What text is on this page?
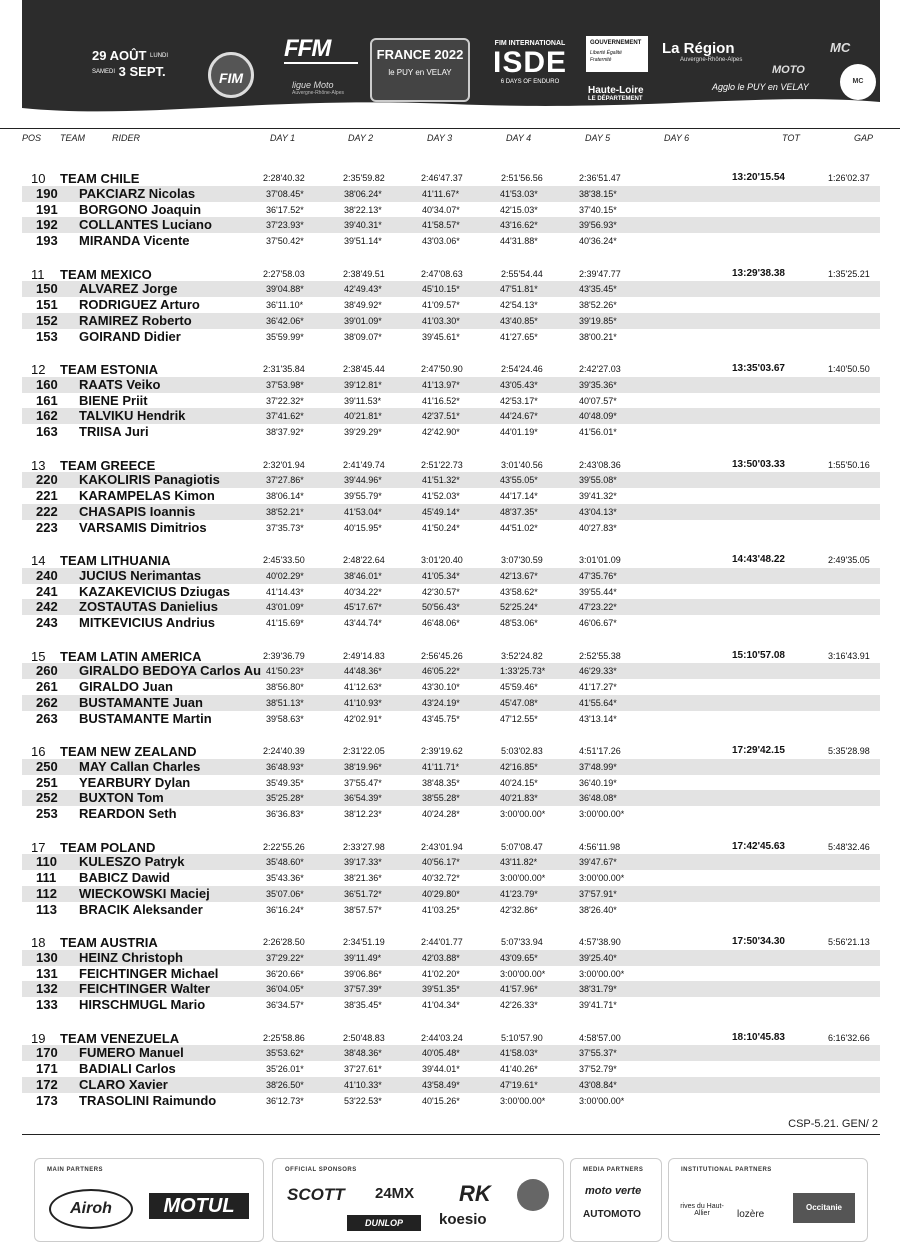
29 AOÛT LUNDI
SAMEDI 3 SEPT.	FIM
FFM
ligue Moto
Auvergne-Rhône-Alpes
FRANCE 2022
le PUY en VELAY
FIM INTERNATIONAL
ISDE
6 DAYS OF ENDURO
GOUVERNEMENT
Liberté Égalité Fraternité
La Région
Auvergne-Rhône-Alpes
Haute-Loire
LE DÉPARTEMENT
Agglo le PUY en VELAY
MC
MOTO
MC
POS TEAM	RIDER	DAY 1	DAY 2	DAY 3	DAY 4	DAY 5	DAY 6	TOT	GAP
10 TEAM CHILE	2:28'40.32	2:35'59.82	2:46'47.37	2:51'56.56	2:36'51.47	13:20'15.54	1:26'02.37
190 PAKCIARZ Nicolas	37'08.45*	38'06.24*	41'11.67*	41'53.03*	38'38.15*
191 BORGONO Joaquin	36'17.52*	38'22.13*	40'34.07*	42'15.03*	37'40.15*
192 COLLANTES Luciano	37'23.93*	39'40.31*	41'58.57*	43'16.62*	39'56.93*
193 MIRANDA Vicente	37'50.42*	39'51.14*	43'03.06*	44'31.88*	40'36.24*
11 TEAM MEXICO	2:27'58.03	2:38'49.51	2:47'08.63	2:55'54.44	2:39'47.77	13:29'38.38	1:35'25.21
150 ALVAREZ Jorge	39'04.88*	42'49.43*	45'10.15*	47'51.81*	43'35.45*
151 RODRIGUEZ Arturo	36'11.10*	38'49.92*	41'09.57*	42'54.13*	38'52.26*
152 RAMIREZ Roberto	36'42.06*	39'01.09*	41'03.30*	43'40.85*	39'19.85*
153 GOIRAND Didier	35'59.99*	38'09.07*	39'45.61*	41'27.65*	38'00.21*
12 TEAM ESTONIA	2:31'35.84	2:38'45.44	2:47'50.90	2:54'24.46	2:42'27.03	13:35'03.67	1:40'50.50
160 RAATS Veiko	37'53.98*	39'12.81*	41'13.97*	43'05.43*	39'35.36*
161 BIENE Priit	37'22.32*	39'11.53*	41'16.52*	42'53.17*	40'07.57*
162 TALVIKU Hendrik	37'41.62*	40'21.81*	42'37.51*	44'24.67*	40'48.09*
163 TRIISA Juri	38'37.92*	39'29.29*	42'42.90*	44'01.19*	41'56.01*
13 TEAM GREECE	2:32'01.94	2:41'49.74	2:51'22.73	3:01'40.56	2:43'08.36	13:50'03.33	1:55'50.16
220 KAKOLIRIS Panagiotis	37'27.86*	39'44.96*	41'51.32*	43'55.05*	39'55.08*
221 KARAMPELAS Kimon	38'06.14*	39'55.79*	41'52.03*	44'17.14*	39'41.32*
222 CHASAPIS Ioannis	38'52.21*	41'53.04*	45'49.14*	48'37.35*	43'04.13*
223 VARSAMIS Dimitrios	37'35.73*	40'15.95*	41'50.24*	44'51.02*	40'27.83*
14 TEAM LITHUANIA	2:45'33.50	2:48'22.64	3:01'20.40	3:07'30.59	3:01'01.09	14:43'48.22	2:49'35.05
240 JUCIUS Nerimantas	40'02.29*	38'46.01*	41'05.34*	42'13.67*	47'35.76*
241 KAZAKEVICIUS Dziugas	41'14.43*	40'34.22*	42'30.57*	43'58.62*	39'55.44*
242 ZOSTAUTAS Danielius	43'01.09*	45'17.67*	50'56.43*	52'25.24*	47'23.22*
243 MITKEVICIUS Andrius	41'15.69*	43'44.74*	46'48.06*	48'53.06*	46'06.67*
15 TEAM LATIN AMERICA	2:39'36.79	2:49'14.83	2:56'45.26	3:52'24.82	2:52'55.38	15:10'57.08	3:16'43.91
260 GIRALDO BEDOYA Carlos Au 41'50.23*	44'48.36*	46'05.22*	1:33'25.73*	46'29.33*
261 GIRALDO Juan	38'56.80*	41'12.63*	43'30.10*	45'59.46*	41'17.27*
262 BUSTAMANTE Juan	38'51.13*	41'10.93*	43'24.19*	45'47.08*	41'55.64*
263 BUSTAMANTE Martin	39'58.63*	42'02.91*	43'45.75*	47'12.55*	43'13.14*
16 TEAM NEW ZEALAND	2:24'40.39	2:31'22.05	2:39'19.62	5:03'02.83	4:51'17.26	17:29'42.15	5:35'28.98
250 MAY Callan Charles	36'48.93*	38'19.96*	41'11.71*	42'16.85*	37'48.99*
251 YEARBURY Dylan	35'49.35*	37'55.47*	38'48.35*	40'24.15*	36'40.19*
252 BUXTON Tom	35'25.28*	36'54.39*	38'55.28*	40'21.83*	36'48.08*
253 REARDON Seth	36'36.83*	38'12.23*	40'24.28*	3:00'00.00*	3:00'00.00*
17 TEAM POLAND	2:22'55.26	2:33'27.98	2:43'01.94	5:07'08.47	4:56'11.98	17:42'45.63	5:48'32.46
110 KULESZO Patryk	35'48.60*	39'17.33*	40'56.17*	43'11.82*	39'47.67*
111 BABICZ Dawid	35'43.36*	38'21.36*	40'32.72*	3:00'00.00*	3:00'00.00*
112 WIECKOWSKI Maciej	35'07.06*	36'51.72*	40'29.80*	41'23.79*	37'57.91*
113 BRACIK Aleksander	36'16.24*	38'57.57*	41'03.25*	42'32.86*	38'26.40*
18 TEAM AUSTRIA	2:26'28.50	2:34'51.19	2:44'01.77	5:07'33.94	4:57'38.90	17:50'34.30	5:56'21.13
130 HEINZ Christoph	37'29.22*	39'11.49*	42'03.88*	43'09.65*	39'25.40*
131 FEICHTINGER Michael	36'20.66*	39'06.86*	41'02.20*	3:00'00.00*	3:00'00.00*
132 FEICHTINGER Walter	36'04.05*	37'57.39*	39'51.35*	41'57.96*	38'31.79*
133 HIRSCHMUGL Mario	36'34.57*	38'35.45*	41'04.34*	42'26.33*	39'41.71*
19 TEAM VENEZUELA	2:25'58.86	2:50'48.83	2:44'03.24	5:10'57.90	4:58'57.00	18:10'45.83	6:16'32.66
170 FUMERO Manuel	35'53.62*	38'48.36*	40'05.48*	41'58.03*	37'55.37*
171 BADIALI Carlos	35'26.01*	37'27.61*	39'44.01*	41'40.26*	37'52.79*
172 CLARO Xavier	38'26.50*	41'10.33*	43'58.49*	47'19.61*	43'08.84*
173 TRASOLINI Raimundo	36'12.73*	53'22.53*	40'15.26*	3:00'00.00*	3:00'00.00*
CSP-5.21. GEN/ 2
MAIN PARTNERS
Airoh	MOTUL
OFFICIAL SPONSORS
SCOTT 24MX RK
DUNLOP	koesio
MEDIA PARTNERS
moto verte
AUTOMOTO
INSTITUTIONAL PARTNERS
rives du Haut-Allier	lozère
Occitanie
